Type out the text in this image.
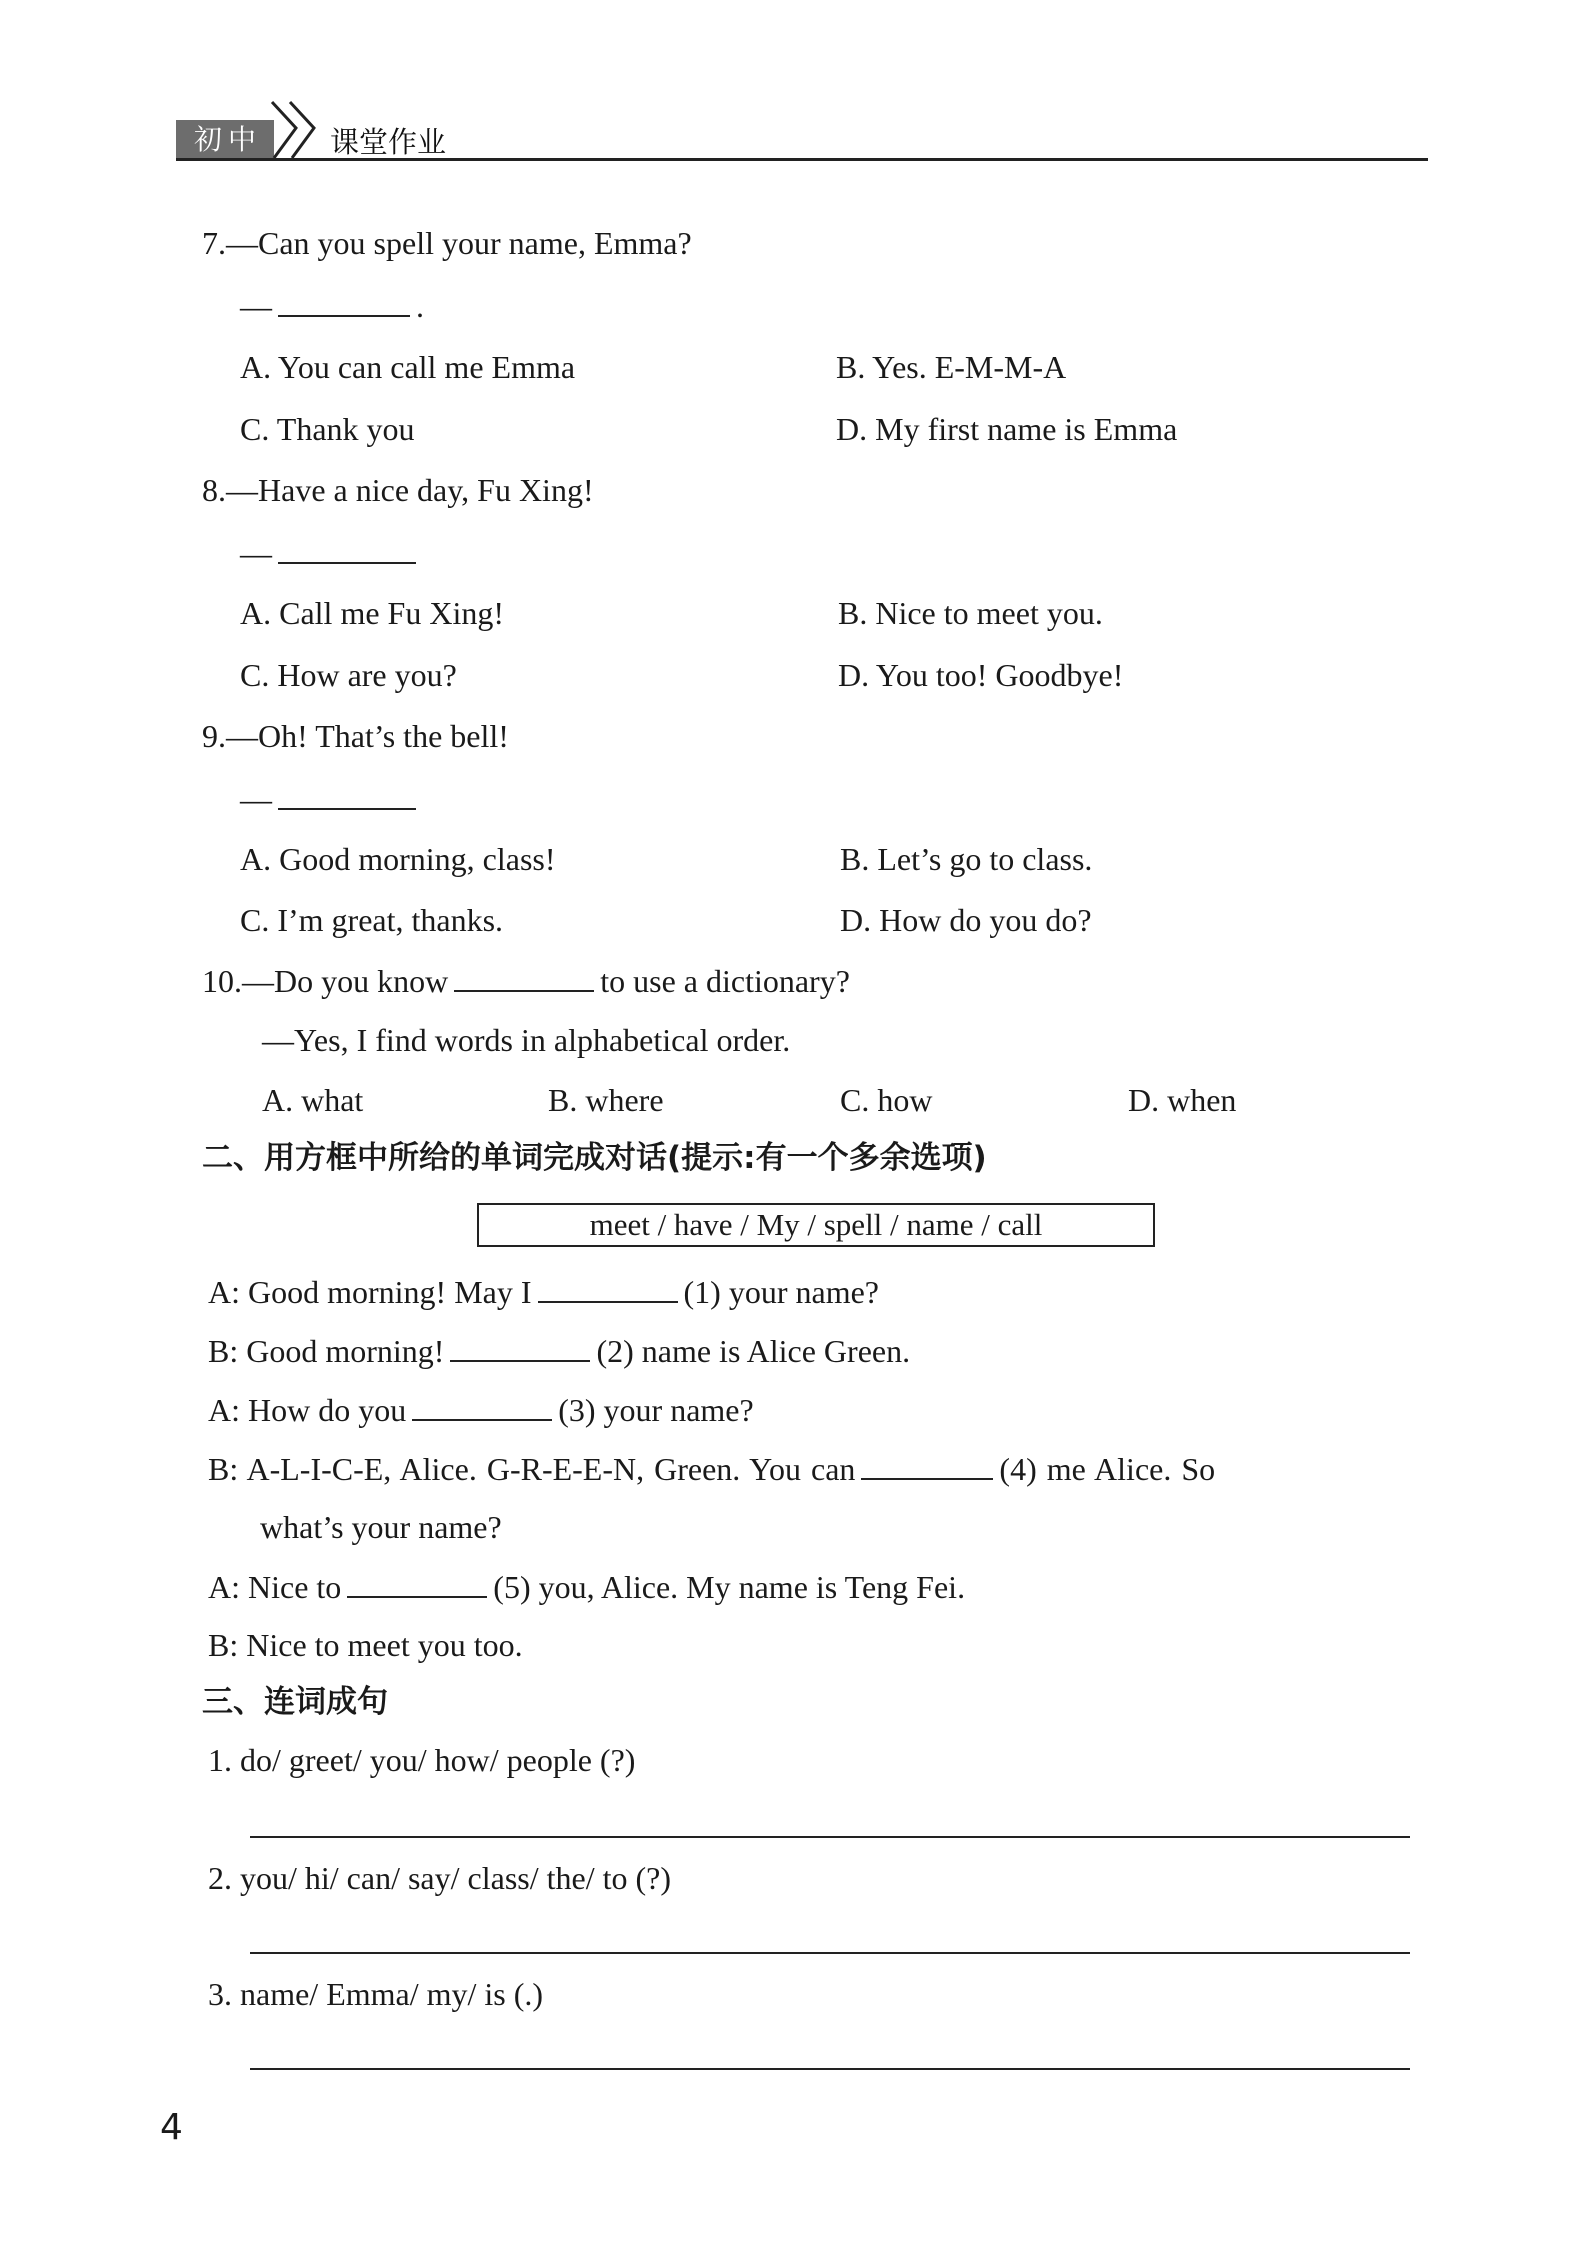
初中 课堂作业
7.—Can you spell your name, Emma?
—	.
A. You can call me Emma	B. Yes. E-M-M-A
C. Thank you	D. My first name is Emma
8.—Have a nice day, Fu Xing!
—
A. Call me Fu Xing!	B. Nice to meet you.
C. How are you?	D. You too! Goodbye!
9.—Oh! That’s the bell!
—
A. Good morning, class!	B. Let’s go to class.
C. I’m great, thanks.	D. How do you do?
10.—Do you know	to use a dictionary?
—Yes, I find words in alphabetical order.
A. what	B. where	C. how	D. when
二、用方框中所给的单词完成对话(提示:有一个多余选项)
meet / have / My / spell / name / call
A: Good morning! May I	(1) your name?
B: Good morning!	(2) name is Alice Green.
A: How do you	(3) your name?
B: A-L-I-C-E, Alice. G-R-E-E-N, Green. You can	(4) me Alice. So
what’s your name?
A: Nice to	(5) you, Alice. My name is Teng Fei.
B: Nice to meet you too.
三、连词成句
1. do/ greet/ you/ how/ people (?)
2. you/ hi/ can/ say/ class/ the/ to (?)
3. name/ Emma/ my/ is (.)
4
